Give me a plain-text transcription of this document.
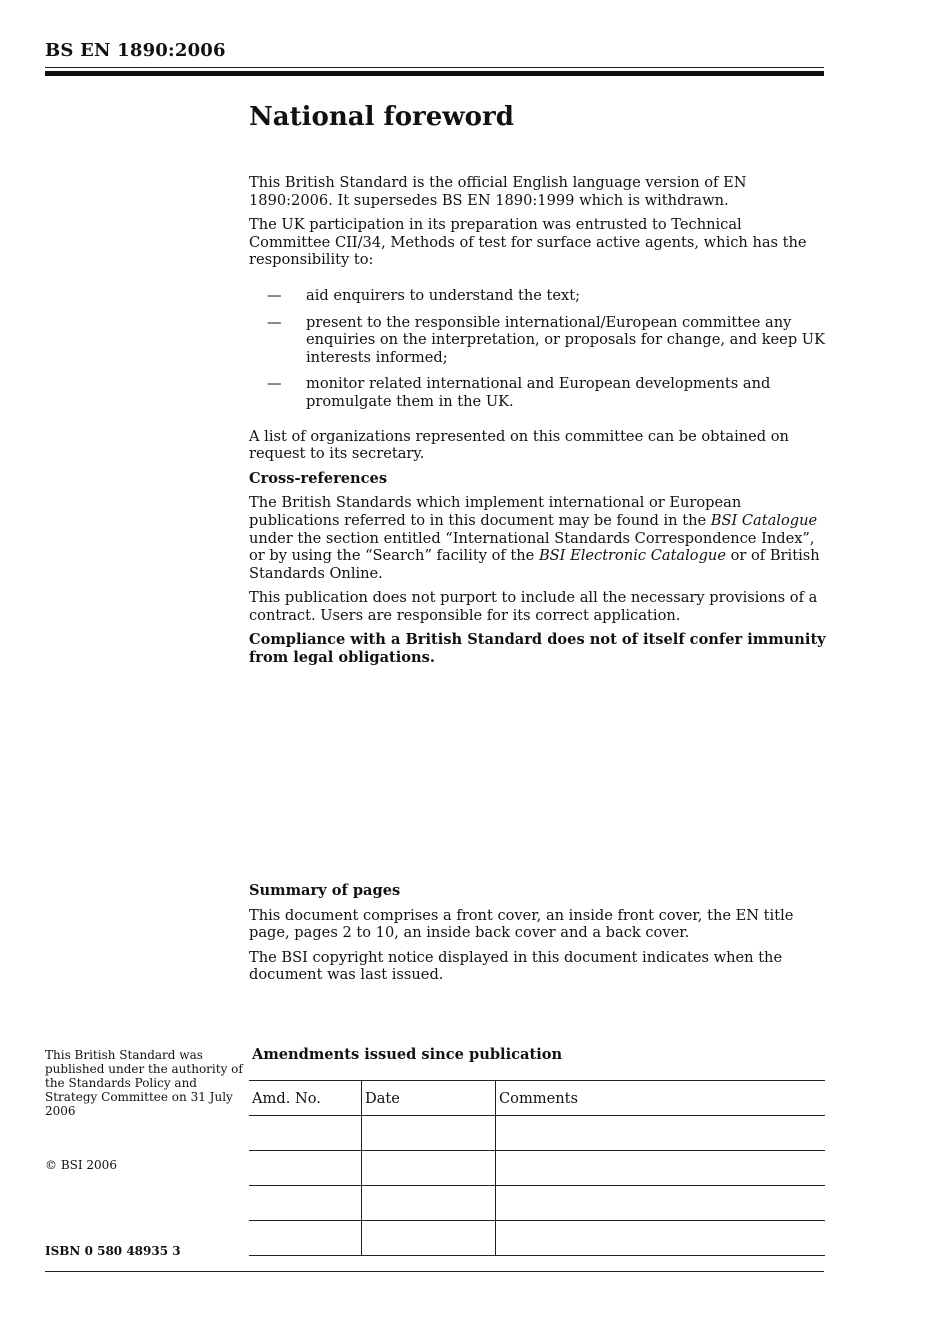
BS EN 1890:2006
National foreword

This British Standard is the official English language version of EN 1890:2006. It supersedes BS EN 1890:1999 which is withdrawn.

The UK participation in its preparation was entrusted to Technical Committee CII/34, Methods of test for surface active agents, which has the responsibility to:

— aid enquirers to understand the text;
— present to the responsible international/European committee any enquiries on the interpretation, or proposals for change, and keep UK interests informed;
— monitor related international and European developments and promulgate them in the UK.

A list of organizations represented on this committee can be obtained on request to its secretary.

Cross-references

The British Standards which implement international or European publications referred to in this document may be found in the BSI Catalogue under the section entitled “International Standards Correspondence Index”, or by using the “Search” facility of the BSI Electronic Catalogue or of British Standards Online.

This publication does not purport to include all the necessary provisions of a contract. Users are responsible for its correct application.

Compliance with a British Standard does not of itself confer immunity from legal obligations.

Summary of pages

This document comprises a front cover, an inside front cover, the EN title page, pages 2 to 10, an inside back cover and a back cover.

The BSI copyright notice displayed in this document indicates when the document was last issued.

This British Standard was published under the authority of the Standards Policy and Strategy Committee on 31 July 2006
© BSI 2006
ISBN 0 580 48935 3
Amendments issued since publication
Amd. No.	Date	Comments
